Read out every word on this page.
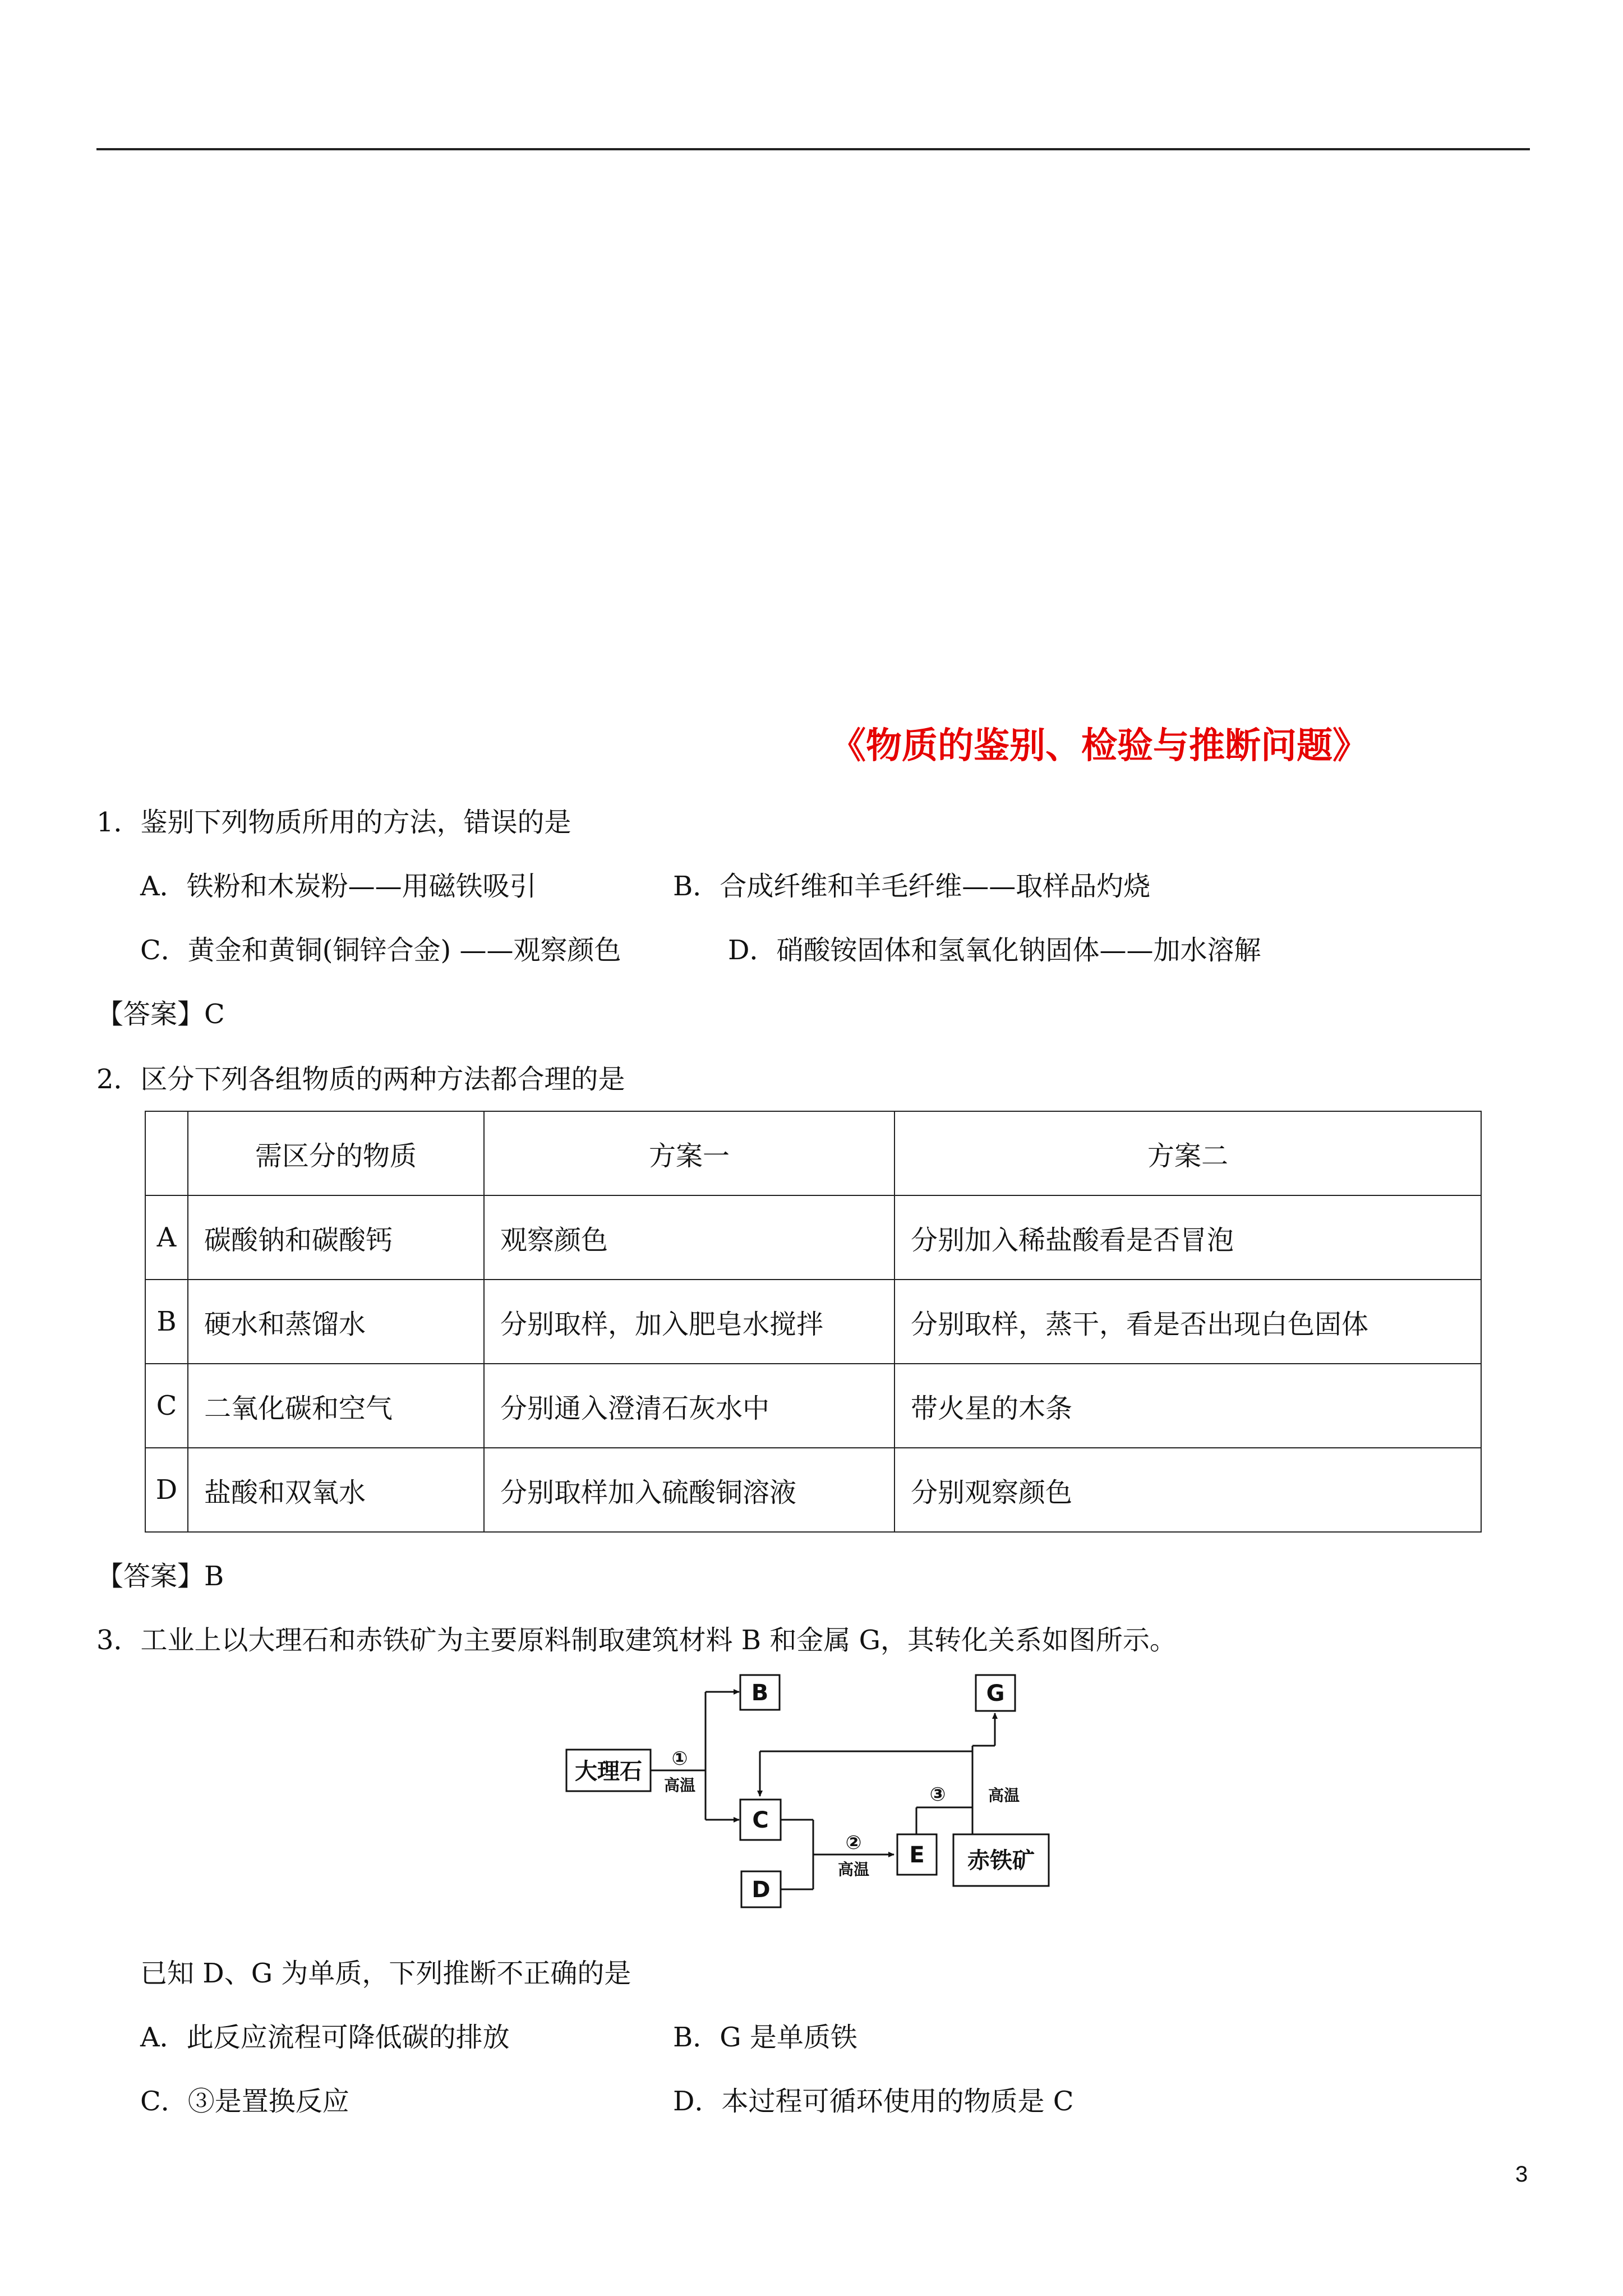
《物质的鉴别、检验与推断问题》
1．鉴别下列物质所用的方法，错误的是
A．铁粉和木炭粉——用磁铁吸引	B．合成纤维和羊毛纤维——取样品灼烧
C．黄金和黄铜(铜锌合金) ——观察颜色	D．硝酸铵固体和氢氧化钠固体——加水溶解
【答案】C
2．区分下列各组物质的两种方法都合理的是
	需区分的物质	方案一	方案二
A	碳酸钠和碳酸钙	观察颜色	分别加入稀盐酸看是否冒泡
B	硬水和蒸馏水	分别取样，加入肥皂水搅拌	分别取样，蒸干，看是否出现白色固体
C	二氧化碳和空气	分别通入澄清石灰水中	带火星的木条
D	盐酸和双氧水	分别取样加入硫酸铜溶液	分别观察颜色
【答案】B
3．工业上以大理石和赤铁矿为主要原料制取建筑材料 B 和金属 G，其转化关系如图所示。
大理石
B
C
D
E
G
赤铁矿
①
高温
②
高温
③	高温
已知 D、G 为单质，下列推断不正确的是
A．此反应流程可降低碳的排放	B．G 是单质铁
C．③是置换反应	D．本过程可循环使用的物质是 C
3
